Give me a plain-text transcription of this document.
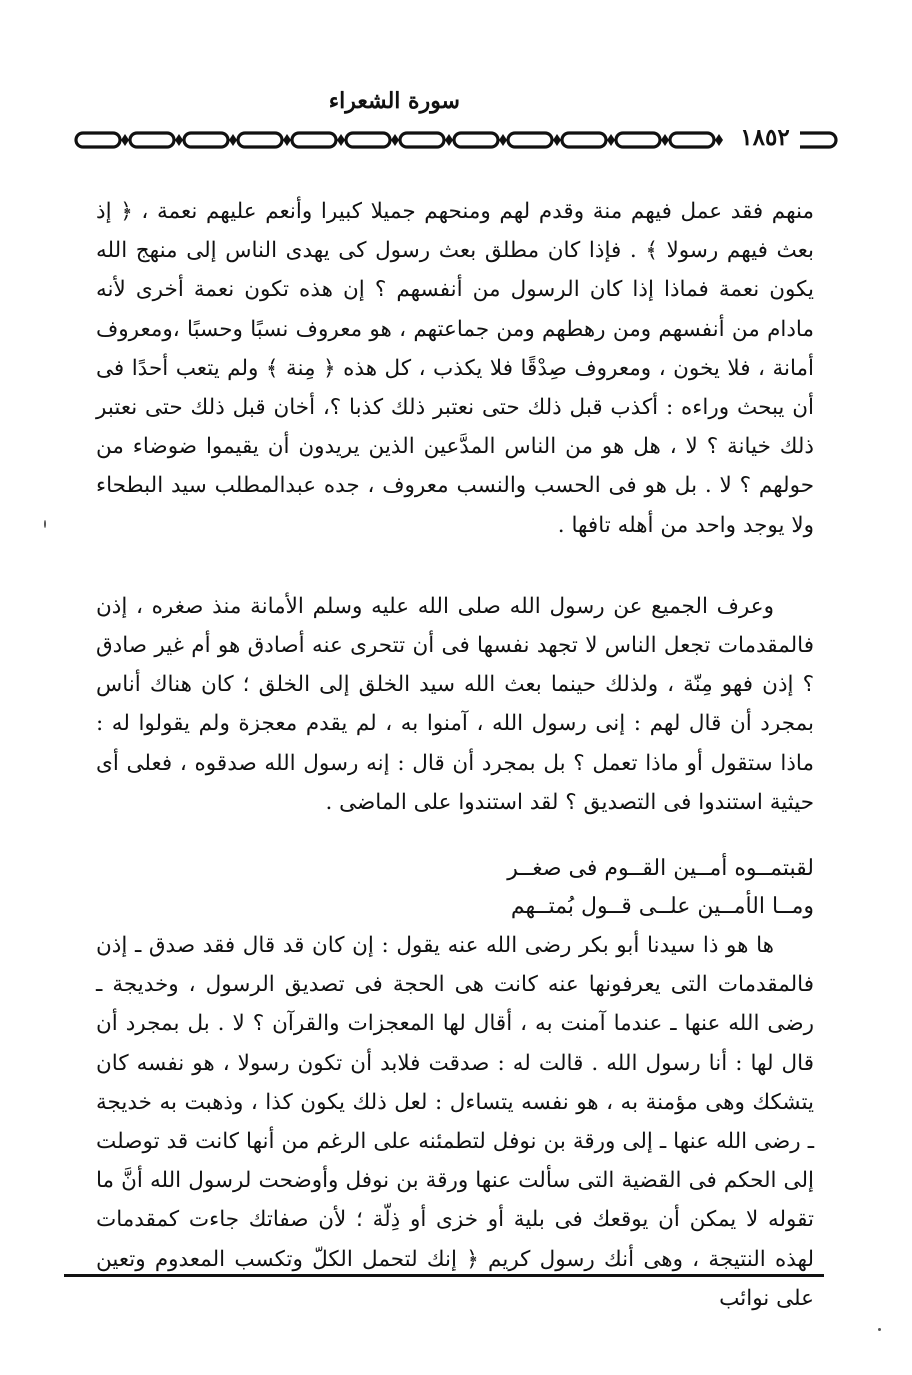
سورة الشعراء
١٨٥٢

منهم فقد عمل فيهم منة وقدم لهم ومنحهم جميلا كبيرا وأنعم عليهم نعمة ، ﴿ إذ بعث فيهم رسولا ﴾ . فإذا كان مطلق بعث رسول كى يهدى الناس إلى منهج الله يكون نعمة فماذا إذا كان الرسول من أنفسهم ؟ إن هذه تكون نعمة أخرى لأنه مادام من أنفسهم ومن رهطهم ومن جماعتهم ، هو معروف نسبًا وحسبًا ،ومعروف أمانة ، فلا يخون ، ومعروف صِدْقًا فلا يكذب ، كل هذه ﴿ مِنة ﴾ ولم يتعب أحدًا فى أن يبحث وراءه : أكذب قبل ذلك حتى نعتبر ذلك كذبا ؟، أخان قبل ذلك حتى نعتبر ذلك خيانة ؟ لا ، هل هو من الناس المدَّعين الذين يريدون أن يقيموا ضوضاء من حولهم ؟ لا . بل هو فى الحسب والنسب معروف ، جده عبدالمطلب سيد البطحاء ولا يوجد واحد من أهله تافها .

وعرف الجميع عن رسول الله صلى الله عليه وسلم الأمانة منذ صغره ، إذن فالمقدمات تجعل الناس لا تجهد نفسها فى أن تتحرى عنه أصادق هو أم غير صادق ؟ إذن فهو مِنّة ، ولذلك حينما بعث الله سيد الخلق إلى الخلق ؛ كان هناك أناس بمجرد أن قال لهم : إنى رسول الله ، آمنوا به ، لم يقدم معجزة ولم يقولوا له : ماذا ستقول أو ماذا تعمل ؟ بل بمجرد أن قال : إنه رسول الله صدقوه ، فعلى أى حيثية استندوا فى التصديق ؟ لقد استندوا على الماضى .

لقبتمــوه أمــين القــوم فى صغــر
ومــا الأمــين علــى قــول بُمتــهم

ها هو ذا سيدنا أبو بكر رضى الله عنه يقول : إن كان قد قال فقد صدق ـ إذن فالمقدمات التى يعرفونها عنه كانت هى الحجة فى تصديق الرسول ، وخديجة ـ رضى الله عنها ـ عندما آمنت به ، أقال لها المعجزات والقرآن ؟ لا . بل بمجرد أن قال لها : أنا رسول الله . قالت له : صدقت فلابد أن تكون رسولا ، هو نفسه كان يتشكك وهى مؤمنة به ، هو نفسه يتساءل : لعل ذلك يكون كذا ، وذهبت به خديجة ـ رضى الله عنها ـ إلى ورقة بن نوفل لتطمئنه على الرغم من أنها كانت قد توصلت إلى الحكم فى القضية التى سألت عنها ورقة بن نوفل وأوضحت لرسول الله أنَّ ما تقوله لا يمكن أن يوقعك فى بلية أو خزى أو ذِلّة ؛ لأن صفاتك جاءت كمقدمات لهذه النتيجة ، وهى أنك رسول كريم ﴿ إنك لتحمل الكلّ وتكسب المعدوم وتعين على نوائب
